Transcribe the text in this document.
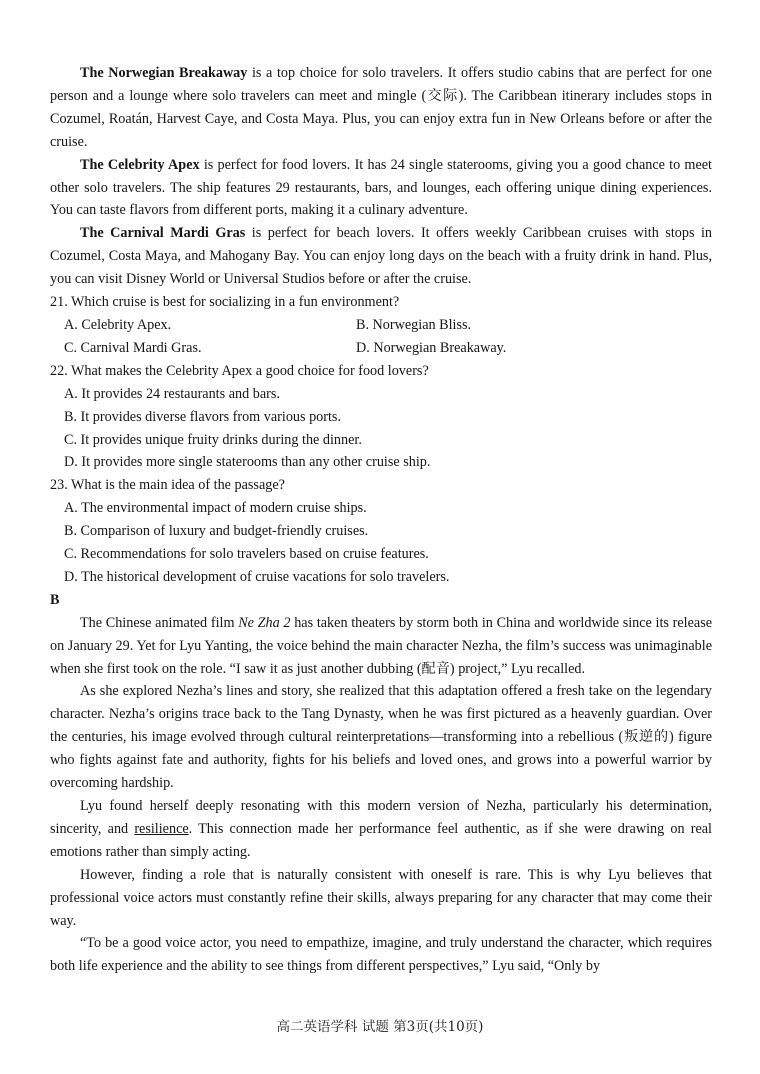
The Norwegian Breakaway is a top choice for solo travelers. It offers studio cabins that are perfect for one person and a lounge where solo travelers can meet and mingle (交际). The Caribbean itinerary includes stops in Cozumel, Roatán, Harvest Caye, and Costa Maya. Plus, you can enjoy extra fun in New Orleans before or after the cruise.

The Celebrity Apex is perfect for food lovers. It has 24 single staterooms, giving you a good chance to meet other solo travelers. The ship features 29 restaurants, bars, and lounges, each offering unique dining experiences. You can taste flavors from different ports, making it a culinary adventure.

The Carnival Mardi Gras is perfect for beach lovers. It offers weekly Caribbean cruises with stops in Cozumel, Costa Maya, and Mahogany Bay. You can enjoy long days on the beach with a fruity drink in hand. Plus, you can visit Disney World or Universal Studios before or after the cruise.

21. Which cruise is best for socializing in a fun environment?

A. Celebrity Apex.	B. Norwegian Bliss.

C. Carnival Mardi Gras.	D. Norwegian Breakaway.

22. What makes the Celebrity Apex a good choice for food lovers?

A. It provides 24 restaurants and bars.

B. It provides diverse flavors from various ports.

C. It provides unique fruity drinks during the dinner.

D. It provides more single staterooms than any other cruise ship.

23. What is the main idea of the passage?

A. The environmental impact of modern cruise ships.

B. Comparison of luxury and budget-friendly cruises.

C. Recommendations for solo travelers based on cruise features.

D. The historical development of cruise vacations for solo travelers.

B

The Chinese animated film Ne Zha 2 has taken theaters by storm both in China and worldwide since its release on January 29. Yet for Lyu Yanting, the voice behind the main character Nezha, the film’s success was unimaginable when she first took on the role. “I saw it as just another dubbing (配音) project,” Lyu recalled.

As she explored Nezha’s lines and story, she realized that this adaptation offered a fresh take on the legendary character. Nezha’s origins trace back to the Tang Dynasty, when he was first pictured as a heavenly guardian. Over the centuries, his image evolved through cultural reinterpretations—transforming into a rebellious (叛逆的) figure who fights against fate and authority, fights for his beliefs and loved ones, and grows into a powerful warrior by overcoming hardship.

Lyu found herself deeply resonating with this modern version of Nezha, particularly his determination, sincerity, and resilience. This connection made her performance feel authentic, as if she were drawing on real emotions rather than simply acting.

However, finding a role that is naturally consistent with oneself is rare. This is why Lyu believes that professional voice actors must constantly refine their skills, always preparing for any character that may come their way.

“To be a good voice actor, you need to empathize, imagine, and truly understand the character, which requires both life experience and the ability to see things from different perspectives,” Lyu said, “Only by

高二英语学科 试题 第3页(共10页)
